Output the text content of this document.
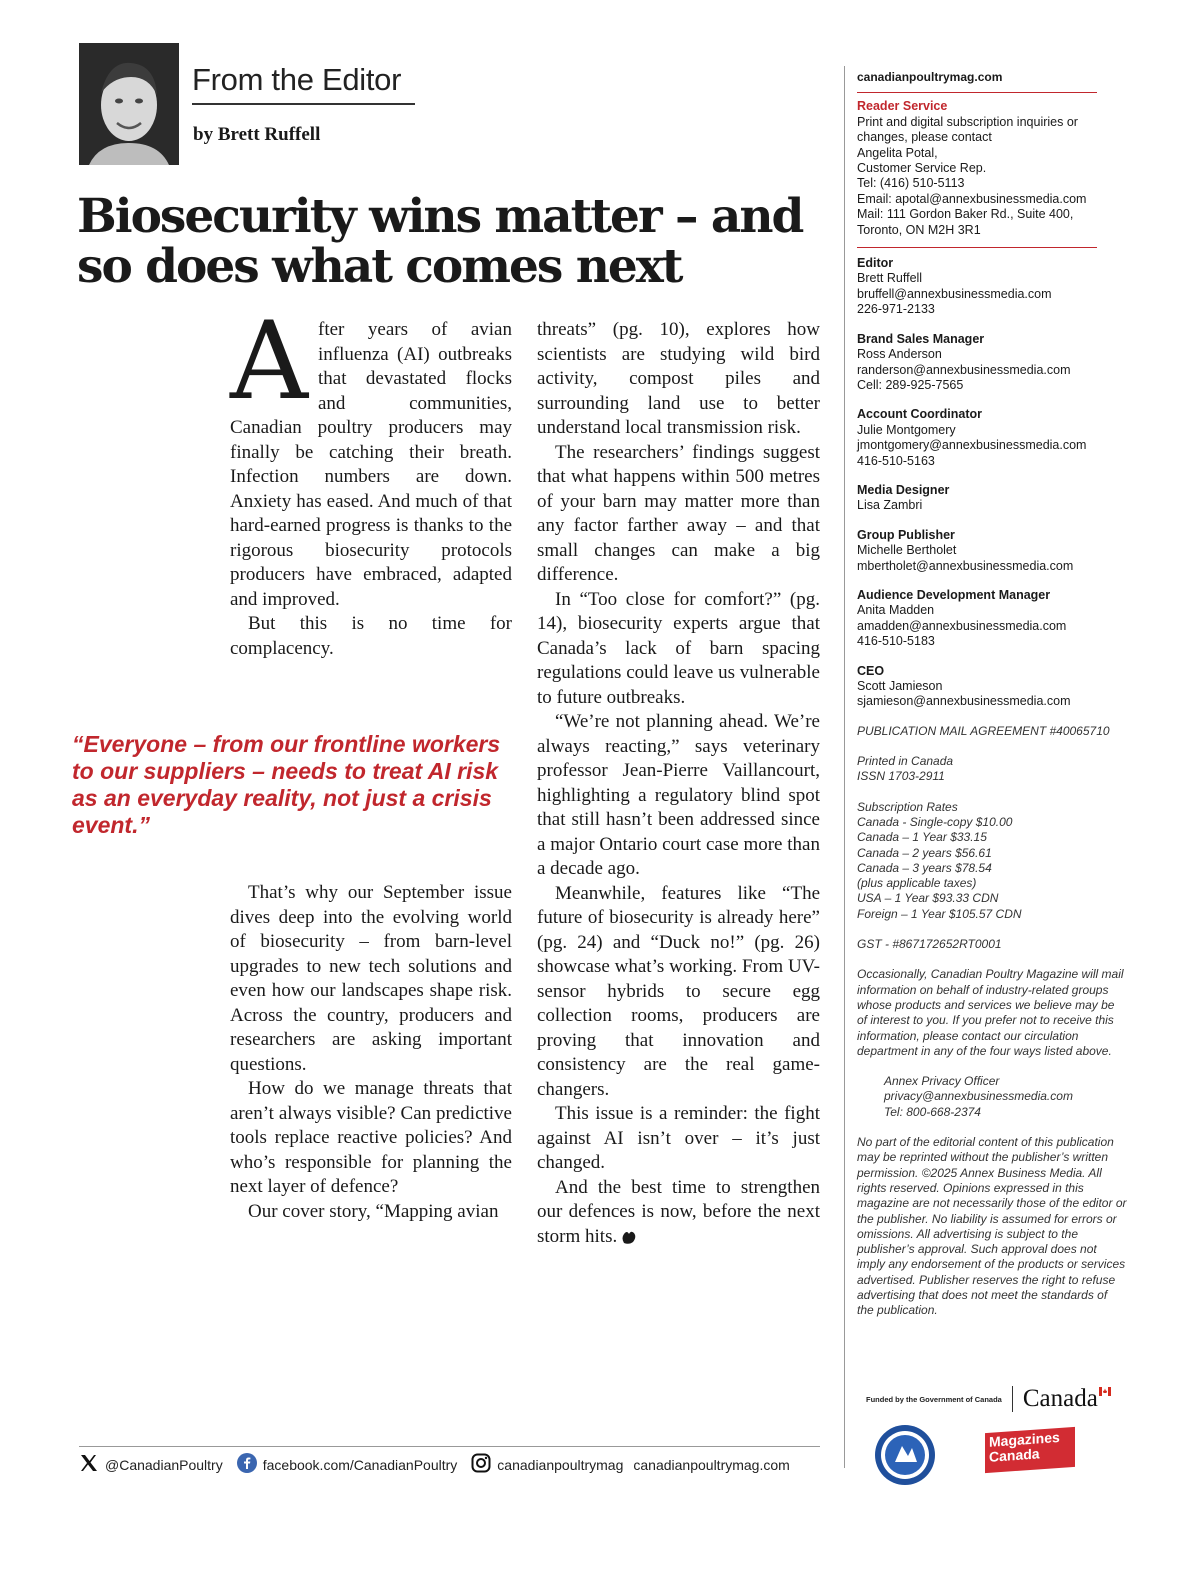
From the Editor
by Brett Ruffell
Biosecurity wins matter – and
so does what comes next

After years of avian influenza (AI) outbreaks that devastated flocks and communities, Canadian poultry producers may finally be catching their breath. Infection numbers are down. Anxiety has eased. And much of that hard-earned progress is thanks to the rigorous biosecurity protocols producers have embraced, adapted and improved.

But this is no time for complacency.

“Everyone – from our frontline workers to our suppliers – needs to treat AI risk as an everyday reality, not just a crisis event.”

That’s why our September issue dives deep into the evolving world of biosecurity – from barn-level upgrades to new tech solutions and even how our landscapes shape risk. Across the country, producers and researchers are asking important questions.

How do we manage threats that aren’t always visible? Can predictive tools replace reactive policies? And who’s responsible for planning the next layer of defence?

Our cover story, “Mapping avian

threats” (pg. 10), explores how scientists are studying wild bird activity, compost piles and surrounding land use to better understand local transmission risk.

The researchers’ findings suggest that what happens within 500 metres of your barn may matter more than any factor farther away – and that small changes can make a big difference.

In “Too close for comfort?” (pg. 14), biosecurity experts argue that Canada’s lack of barn spacing regulations could leave us vulnerable to future outbreaks.

“We’re not planning ahead. We’re always reacting,” says veterinary professor Jean-Pierre Vaillancourt, highlighting a regulatory blind spot that still hasn’t been addressed since a major Ontario court case more than a decade ago.

Meanwhile, features like “The future of biosecurity is already here” (pg. 24) and “Duck no!” (pg. 26) showcase what’s working. From UV-sensor hybrids to secure egg collection rooms, producers are proving that innovation and consistency are the real game-changers.

This issue is a reminder: the fight against AI isn’t over – it’s just changed.

And the best time to strengthen our defences is now, before the next storm hits.

canadianpoultrymag.com
Reader Service
Print and digital subscription inquiries or
changes, please contact
Angelita Potal,
Customer Service Rep.
Tel: (416) 510-5113
Email: apotal@annexbusinessmedia.com
Mail: 111 Gordon Baker Rd., Suite 400,
Toronto, ON M2H 3R1
Editor
Brett Ruffell
bruffell@annexbusinessmedia.com
226-971-2133
Brand Sales Manager
Ross Anderson
randerson@annexbusinessmedia.com
Cell: 289-925-7565
Account Coordinator
Julie Montgomery
jmontgomery@annexbusinessmedia.com
416-510-5163
Media Designer
Lisa Zambri
Group Publisher
Michelle Bertholet
mbertholet@annexbusinessmedia.com
Audience Development Manager
Anita Madden
amadden@annexbusinessmedia.com
416-510-5183
CEO
Scott Jamieson
sjamieson@annexbusinessmedia.com
PUBLICATION MAIL AGREEMENT #40065710
Printed in Canada
ISSN 1703-2911
Subscription Rates
Canada - Single-copy $10.00
Canada – 1 Year $33.15
Canada – 2 years $56.61
Canada – 3 years $78.54
(plus applicable taxes)
USA – 1 Year $93.33 CDN
Foreign – 1 Year $105.57 CDN
GST - #867172652RT0001
Occasionally, Canadian Poultry Magazine will mail information on behalf of industry-related groups whose products and services we believe may be of interest to you. If you prefer not to receive this information, please contact our circulation department in any of the four ways listed above.
Annex Privacy Officer
privacy@annexbusinessmedia.com
Tel: 800-668-2374
No part of the editorial content of this publication may be reprinted without the publisher’s written permission. ©2025 Annex Business Media. All rights reserved. Opinions expressed in this magazine are not necessarily those of the editor or the publisher. No liability is assumed for errors or omissions. All advertising is subject to the publisher’s approval. Such approval does not imply any endorsement of the products or services advertised. Publisher reserves the right to refuse advertising that does not meet the standards of the publication.
Funded by the Government of Canada Canada
Magazines
Canada
@CanadianPoultry	facebook.com/CanadianPoultry	canadianpoultrymag canadianpoultrymag.com
